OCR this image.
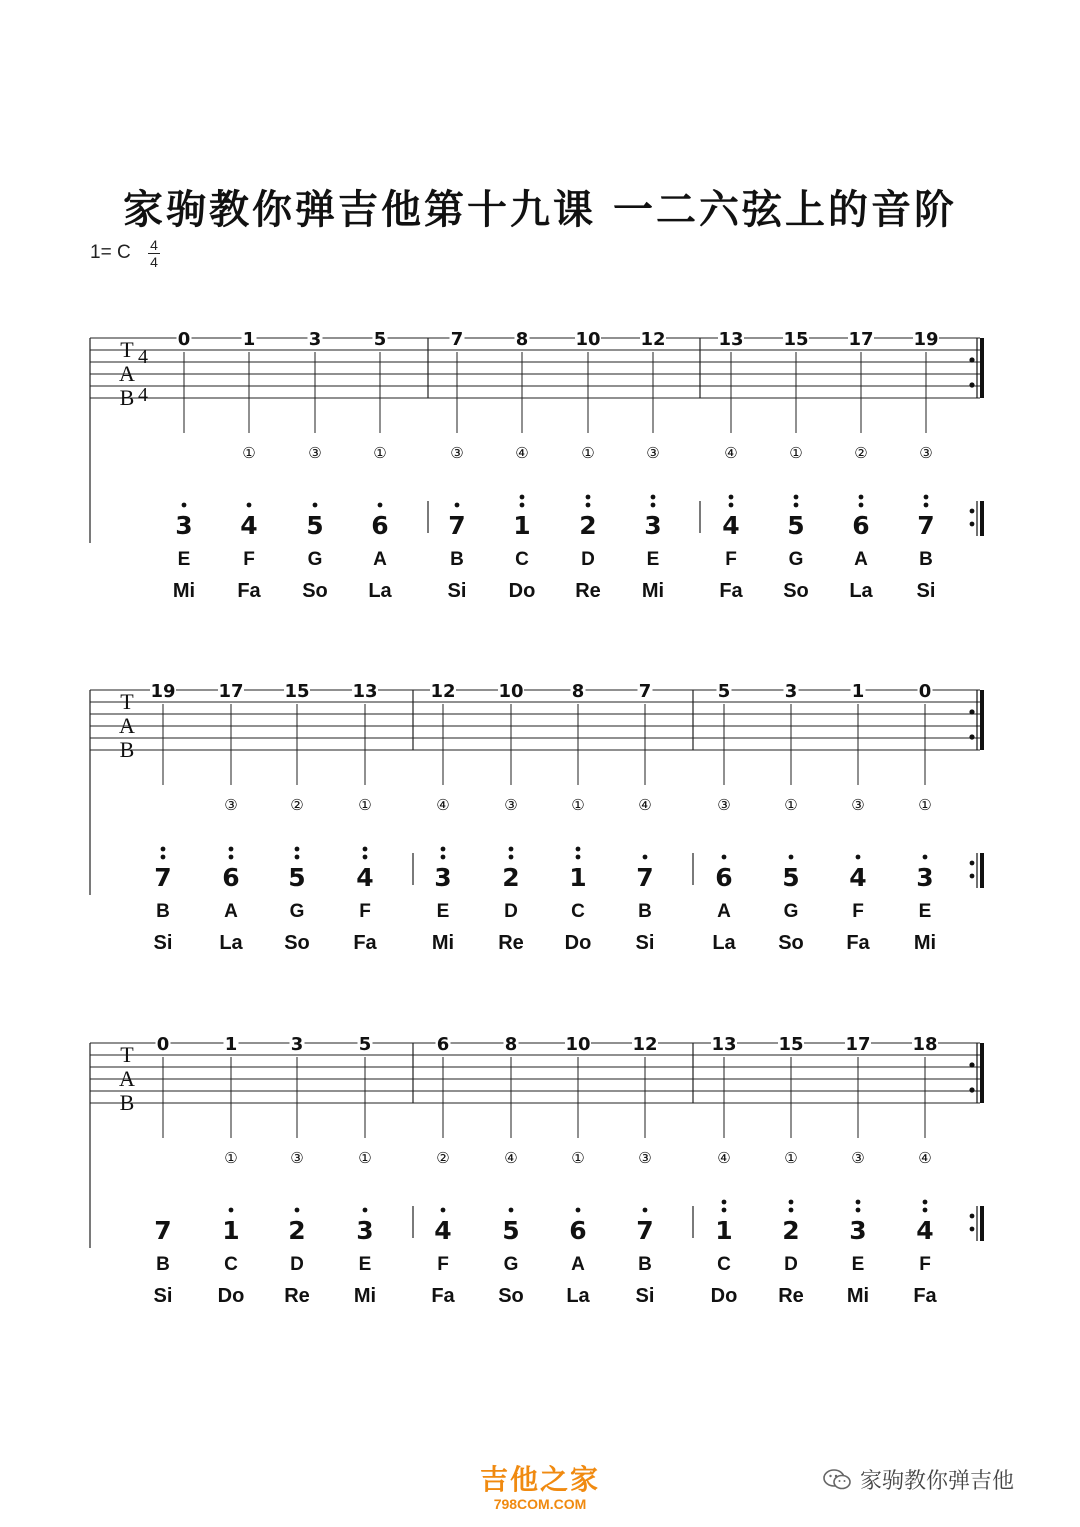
家驹教你弹吉他第十九课 一二六弦上的音阶
1= C 4
4
T
A
B
4
4
0
3
E
Mi
1
①
4
F
Fa
3
③
5
G
So
5
①
6
A
La
7
③
7
B
Si
8
④
1
C
Do
10
①
2
D
Re
12
③
3
E
Mi
13
④
4
F
Fa
15
①
5
G
So
17
②
6
A
La
19
③
7
B
Si
T
A
B
19
7
B
Si
17
③
6
A
La
15
②
5
G
So
13
①
4
F
Fa
12
④
3
E
Mi
10
③
2
D
Re
8
①
1
C
Do
7
④
7
B
Si
5
③
6
A
La
3
①
5
G
So
1
③
4
F
Fa
0
①
3
E
Mi
T
A
B
0
7
B
Si
1
①
1
C
Do
3
③
2
D
Re
5
①
3
E
Mi
6
②
4
F
Fa
8
④
5
G
So
10
①
6
A
La
12
③
7
B
Si
13
④
1
C
Do
15
①
2
D
Re
17
③
3
E
Mi
18
④
4
F
Fa
吉他之家
798COM.COM
家驹教你弹吉他
